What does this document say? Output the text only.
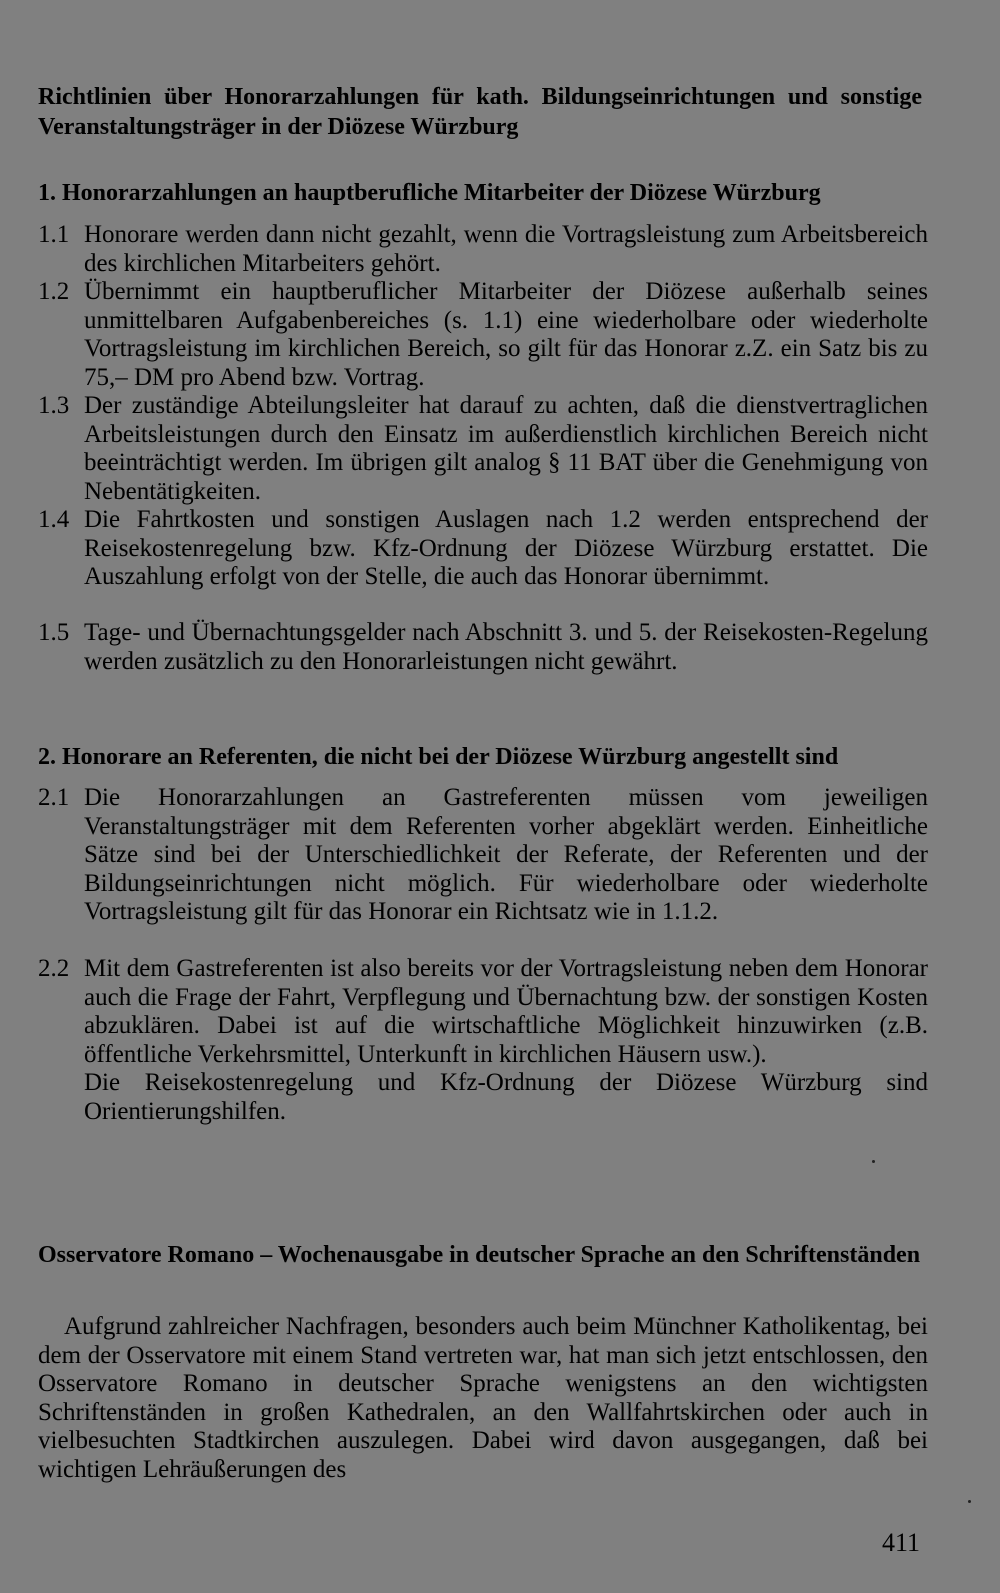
Richtlinien über Honorarzahlungen für kath. Bildungseinrichtungen und sonstige Veranstaltungsträger in der Diözese Würzburg
1. Honorarzahlungen an hauptberufliche Mitarbeiter der Diözese Würzburg
1.1 Honorare werden dann nicht gezahlt, wenn die Vortragsleistung zum Arbeitsbereich des kirchlichen Mitarbeiters gehört.
1.2 Übernimmt ein hauptberuflicher Mitarbeiter der Diözese außerhalb seines unmittelbaren Aufgabenbereiches (s. 1.1) eine wiederholbare oder wiederholte Vortragsleistung im kirchlichen Bereich, so gilt für das Honorar z.Z. ein Satz bis zu 75,– DM pro Abend bzw. Vortrag.
1.3 Der zuständige Abteilungsleiter hat darauf zu achten, daß die dienstvertraglichen Arbeitsleistungen durch den Einsatz im außerdienstlich kirchlichen Bereich nicht beeinträchtigt werden. Im übrigen gilt analog § 11 BAT über die Genehmigung von Nebentätigkeiten.
1.4 Die Fahrtkosten und sonstigen Auslagen nach 1.2 werden entsprechend der Reisekostenregelung bzw. Kfz-Ordnung der Diözese Würzburg erstattet. Die Auszahlung erfolgt von der Stelle, die auch das Honorar übernimmt.
1.5 Tage- und Übernachtungsgelder nach Abschnitt 3. und 5. der Reisekosten-Regelung werden zusätzlich zu den Honorarleistungen nicht gewährt.
2. Honorare an Referenten, die nicht bei der Diözese Würzburg angestellt sind
2.1 Die Honorarzahlungen an Gastreferenten müssen vom jeweiligen Veranstaltungsträger mit dem Referenten vorher abgeklärt werden. Einheitliche Sätze sind bei der Unterschiedlichkeit der Referate, der Referenten und der Bildungseinrichtungen nicht möglich. Für wiederholbare oder wiederholte Vortragsleistung gilt für das Honorar ein Richtsatz wie in 1.1.2.
2.2 Mit dem Gastreferenten ist also bereits vor der Vortragsleistung neben dem Honorar auch die Frage der Fahrt, Verpflegung und Übernachtung bzw. der sonstigen Kosten abzuklären. Dabei ist auf die wirtschaftliche Möglichkeit hinzuwirken (z.B. öffentliche Verkehrsmittel, Unterkunft in kirchlichen Häusern usw.).
Die Reisekostenregelung und Kfz-Ordnung der Diözese Würzburg sind Orientierungshilfen.
Osservatore Romano – Wochenausgabe in deutscher Sprache an den Schriftenständen
Aufgrund zahlreicher Nachfragen, besonders auch beim Münchner Katholikentag, bei dem der Osservatore mit einem Stand vertreten war, hat man sich jetzt entschlossen, den Osservatore Romano in deutscher Sprache wenigstens an den wichtigsten Schriftenständen in großen Kathedralen, an den Wallfahrtskirchen oder auch in vielbesuchten Stadtkirchen auszulegen. Dabei wird davon ausgegangen, daß bei wichtigen Lehräußerungen des
411
